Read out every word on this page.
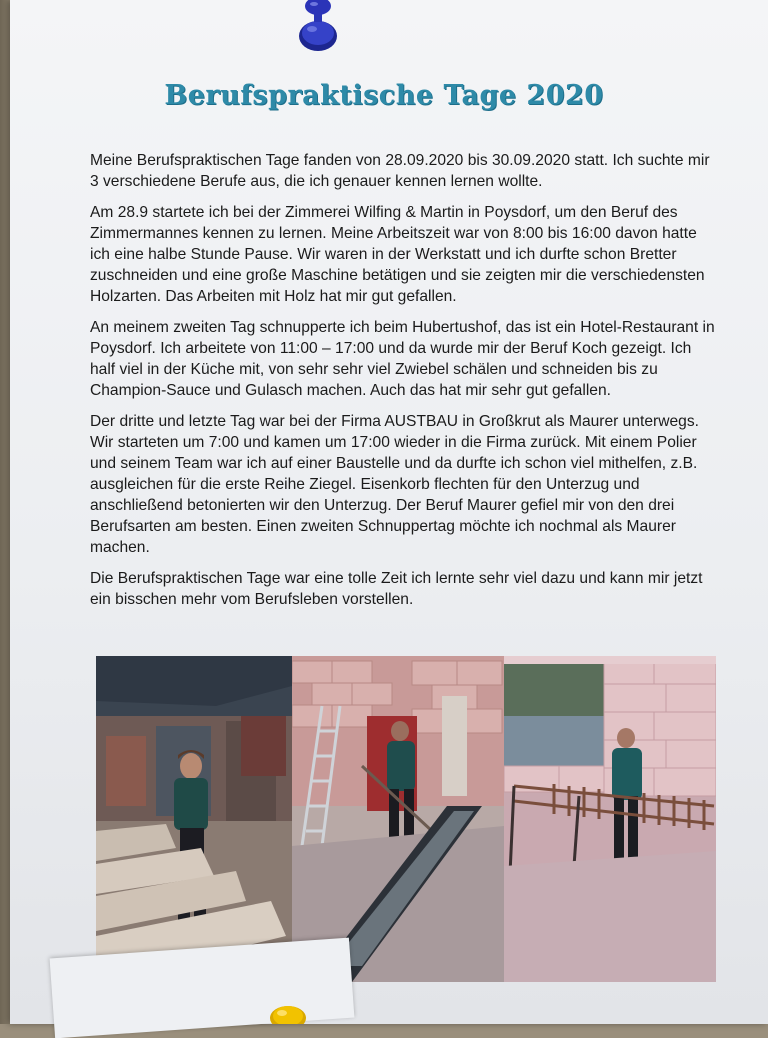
Berufspraktische Tage 2020

Meine Berufspraktischen Tage fanden von 28.09.2020 bis 30.09.2020 statt. Ich suchte mir 3 verschiedene Berufe aus, die ich genauer kennen lernen wollte.

Am 28.9 startete ich bei der Zimmerei Wilfing & Martin in Poysdorf, um den Beruf des Zimmermannes kennen zu lernen. Meine Arbeitszeit war von 8:00 bis 16:00 davon hatte ich eine halbe Stunde Pause. Wir waren in der Werkstatt und ich durfte schon Bretter zuschneiden und eine große Maschine betätigen und sie zeigten mir die verschiedensten Holzarten. Das Arbeiten mit Holz hat mir gut gefallen.

An meinem zweiten Tag schnupperte ich beim Hubertushof, das ist ein Hotel-Restaurant in Poysdorf. Ich arbeitete von 11:00 – 17:00 und da wurde mir der Beruf Koch gezeigt. Ich half viel in der Küche mit, von sehr sehr viel Zwiebel schälen und schneiden bis zu Champion-Sauce und Gulasch machen. Auch das hat mir sehr gut gefallen.

Der dritte und letzte Tag war bei der Firma AUSTBAU in Großkrut als Maurer unterwegs. Wir starteten um 7:00 und kamen um 17:00 wieder in die Firma zurück. Mit einem Polier und seinem Team war ich auf einer Baustelle und da durfte ich schon viel mithelfen, z.B. ausgleichen für die erste Reihe Ziegel. Eisenkorb flechten für den Unterzug und anschließend betonierten wir den Unterzug. Der Beruf Maurer gefiel mir von den drei Berufsarten am besten. Einen zweiten Schnuppertag möchte ich nochmal als Maurer machen.

Die Berufspraktischen Tage war eine tolle Zeit ich lernte sehr viel dazu und kann mir jetzt ein bisschen mehr vom Berufsleben vorstellen.
